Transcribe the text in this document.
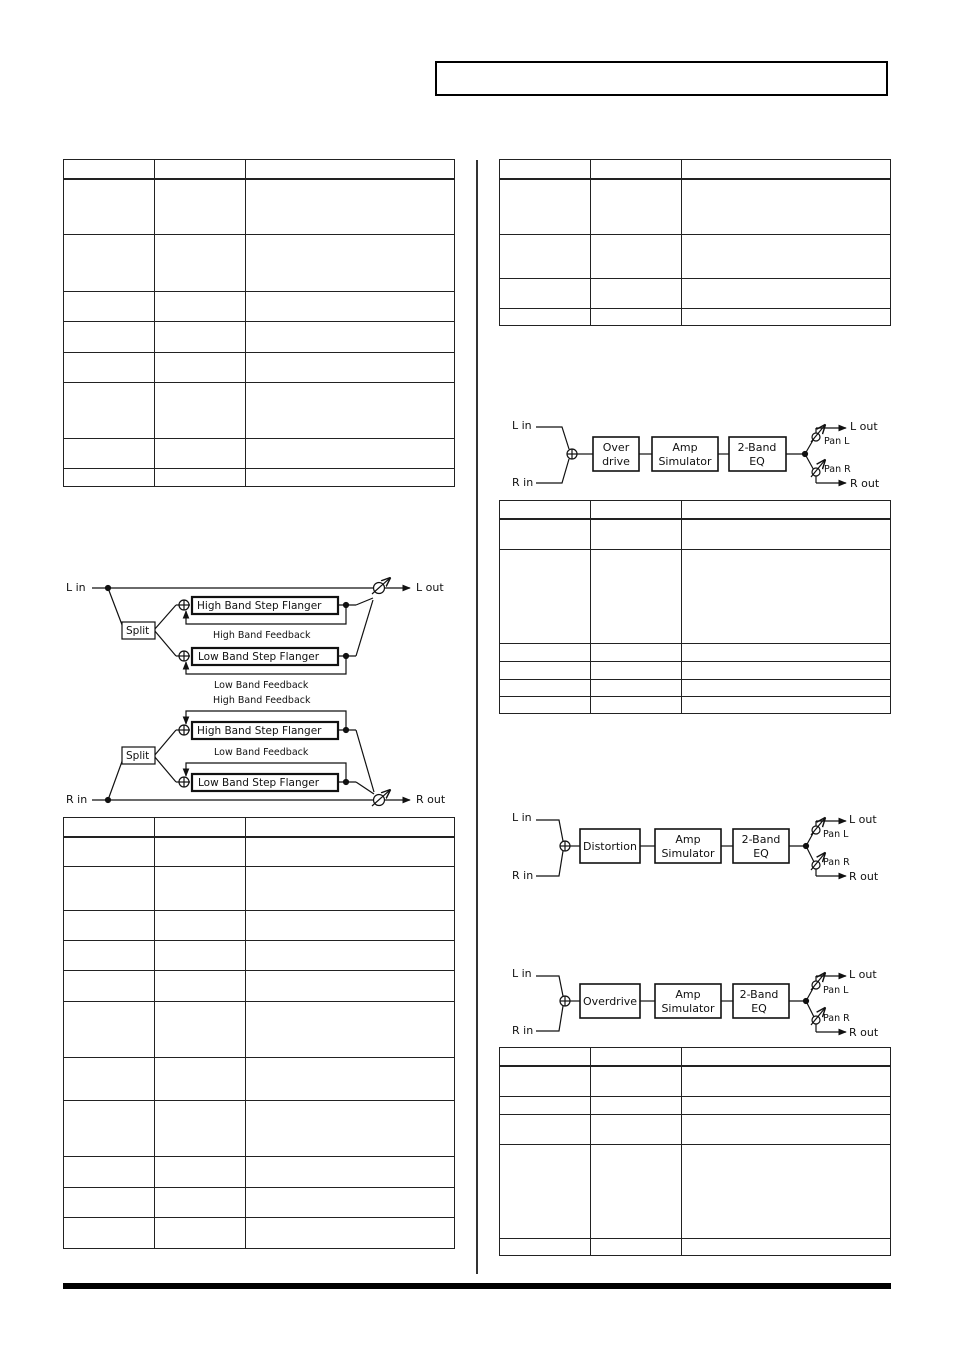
L in
R in
L out
R out
Split
Split
High Band Step Flanger
Low Band Step Flanger
High Band Step Flanger
Low Band Step Flanger
High Band Feedback
Low Band Feedback
High Band Feedback
Low Band Feedback
L in
R in
L out
R out
Pan L
Pan R
Over
drive
Amp
Simulator
2-Band
EQ
L in
R in
L out
R out
Pan L
Pan R
Distortion
Amp
Simulator
2-Band
EQ
L in
R in
L out
R out
Pan L
Pan R
Overdrive
Amp
Simulator
2-Band
EQ
